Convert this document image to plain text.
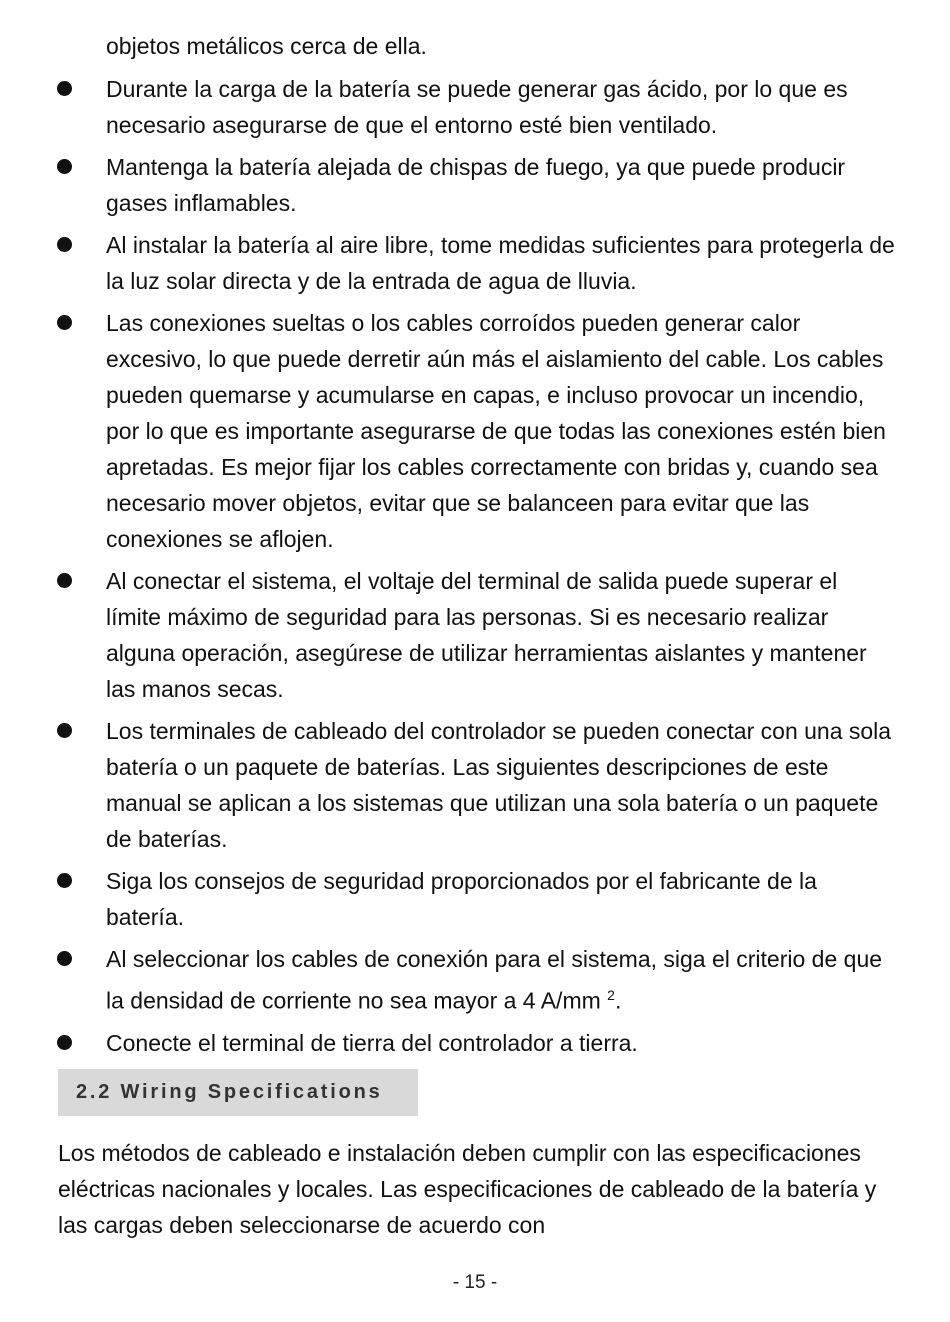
objetos metálicos cerca de ella.
Durante la carga de la batería se puede generar gas ácido, por lo que es necesario asegurarse de que el entorno esté bien ventilado.
Mantenga la batería alejada de chispas de fuego, ya que puede producir gases inflamables.
Al instalar la batería al aire libre, tome medidas suficientes para protegerla de la luz solar directa y de la entrada de agua de lluvia.
Las conexiones sueltas o los cables corroídos pueden generar calor excesivo, lo que puede derretir aún más el aislamiento del cable. Los cables pueden quemarse y acumularse en capas, e incluso provocar un incendio, por lo que es importante asegurarse de que todas las conexiones estén bien apretadas. Es mejor fijar los cables correctamente con bridas y, cuando sea necesario mover objetos, evitar que se balanceen para evitar que las conexiones se aflojen.
Al conectar el sistema, el voltaje del terminal de salida puede superar el límite máximo de seguridad para las personas. Si es necesario realizar alguna operación, asegúrese de utilizar herramientas aislantes y mantener las manos secas.
Los terminales de cableado del controlador se pueden conectar con una sola batería o un paquete de baterías. Las siguientes descripciones de este manual se aplican a los sistemas que utilizan una sola batería o un paquete de baterías.
Siga los consejos de seguridad proporcionados por el fabricante de la batería.
Al seleccionar los cables de conexión para el sistema, siga el criterio de que la densidad de corriente no sea mayor a 4 A/mm $^2$.
Conecte el terminal de tierra del controlador a tierra.
2.2 Wiring Specifications
Los métodos de cableado e instalación deben cumplir con las especificaciones eléctricas nacionales y locales. Las especificaciones de cableado de la batería y las cargas deben seleccionarse de acuerdo con
- 15 -
